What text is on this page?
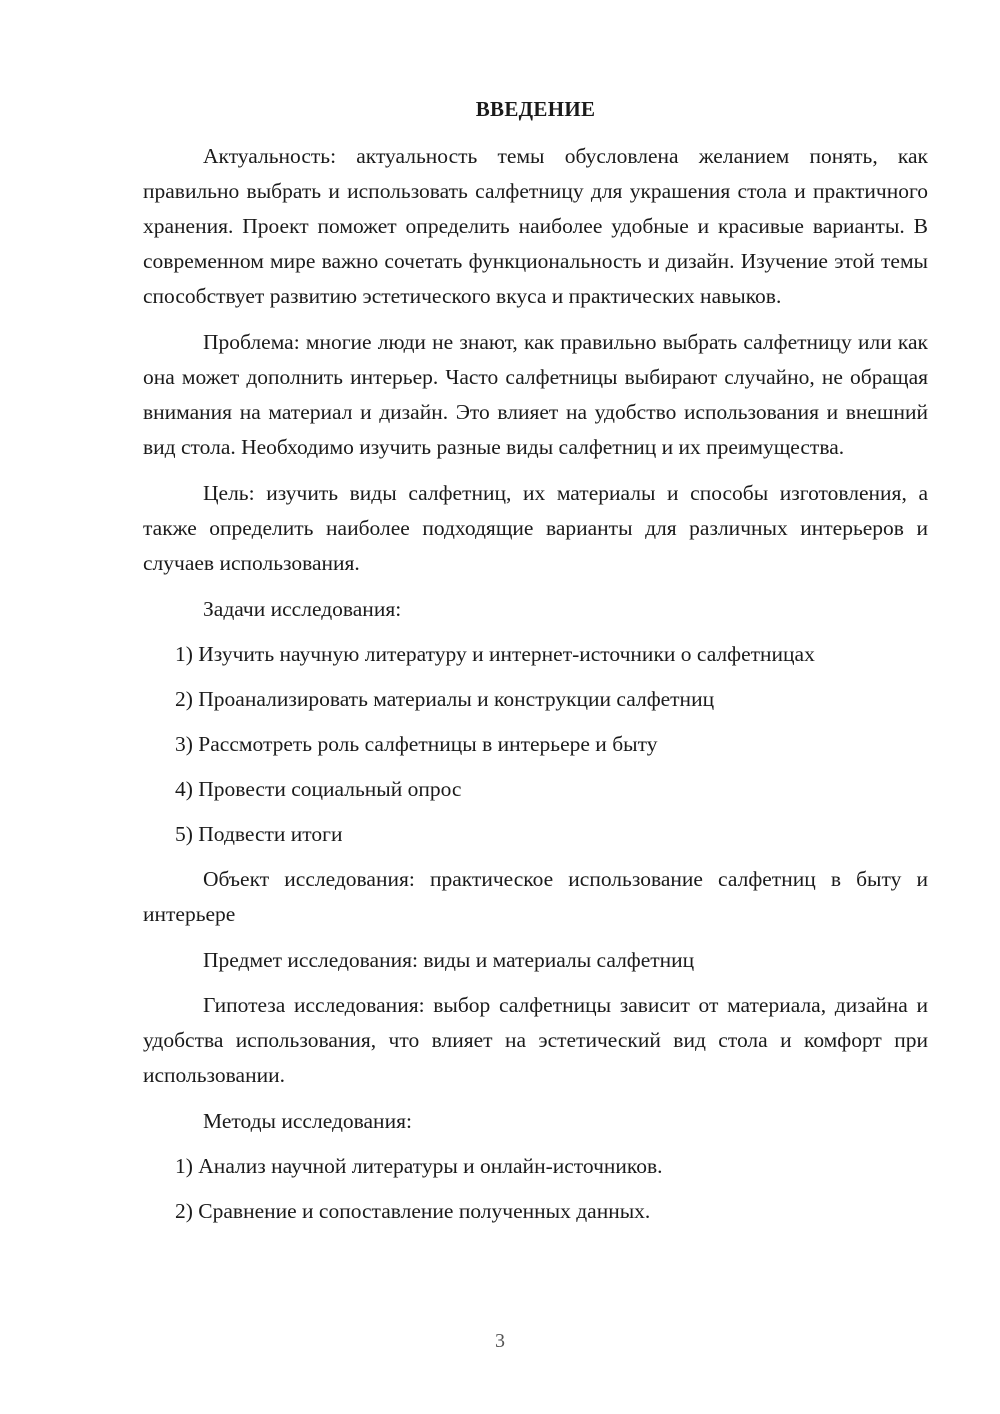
ВВЕДЕНИЕ

Актуальность: актуальность темы обусловлена желанием понять, как правильно выбрать и использовать салфетницу для украшения стола и практичного хранения. Проект поможет определить наиболее удобные и красивые варианты. В современном мире важно сочетать функциональность и дизайн. Изучение этой темы способствует развитию эстетического вкуса и практических навыков.

Проблема: многие люди не знают, как правильно выбрать салфетницу или как она может дополнить интерьер. Часто салфетницы выбирают случайно, не обращая внимания на материал и дизайн. Это влияет на удобство использования и внешний вид стола. Необходимо изучить разные виды салфетниц и их преимущества.

Цель: изучить виды салфетниц, их материалы и способы изготовления, а также определить наиболее подходящие варианты для различных интерьеров и случаев использования.

Задачи исследования:

1) Изучить научную литературу и интернет-источники о салфетницах
2) Проанализировать материалы и конструкции салфетниц
3) Рассмотреть роль салфетницы в интерьере и быту
4) Провести социальный опрос
5) Подвести итоги

Объект исследования: практическое использование салфетниц в быту и интерьере

Предмет исследования: виды и материалы салфетниц

Гипотеза исследования: выбор салфетницы зависит от материала, дизайна и удобства использования, что влияет на эстетический вид стола и комфорт при использовании.

Методы исследования:

1) Анализ научной литературы и онлайн-источников.
2) Сравнение и сопоставление полученных данных.
3
